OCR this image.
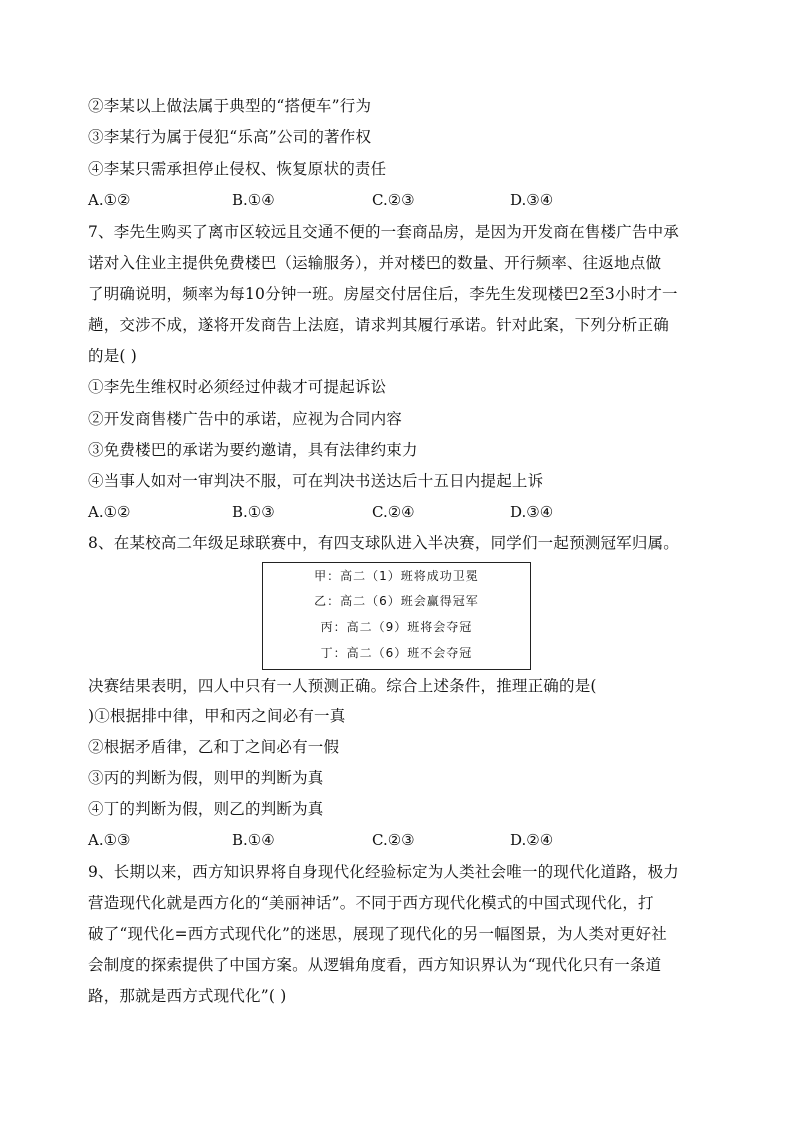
②李某以上做法属于典型的“搭便车”行为
③李某行为属于侵犯“乐高”公司的著作权
④李某只需承担停止侵权、恢复原状的责任
A.①②	B.①④	C.②③	D.③④
7、李先生购买了离市区较远且交通不便的一套商品房，是因为开发商在售楼广告中承
诺对入住业主提供免费楼巴（运输服务），并对楼巴的数量、开行频率、往返地点做
了明确说明，频率为每10分钟一班。房屋交付居住后，李先生发现楼巴2至3小时才一
趟，交涉不成，遂将开发商告上法庭，请求判其履行承诺。针对此案，下列分析正确
的是( )
①李先生维权时必须经过仲裁才可提起诉讼
②开发商售楼广告中的承诺，应视为合同内容
③免费楼巴的承诺为要约邀请，具有法律约束力
④当事人如对一审判决不服，可在判决书送达后十五日内提起上诉
A.①②	B.①③	C.②④	D.③④
8、在某校高二年级足球联赛中，有四支球队进入半决赛，同学们一起预测冠军归属。
甲：高二（1）班将成功卫冕
乙：高二（6）班会赢得冠军
丙：高二（9）班将会夺冠
丁：高二（6）班不会夺冠
决赛结果表明，四人中只有一人预测正确。综合上述条件，推理正确的是(
)①根据排中律，甲和丙之间必有一真
②根据矛盾律，乙和丁之间必有一假
③丙的判断为假，则甲的判断为真
④丁的判断为假，则乙的判断为真
A.①③	B.①④	C.②③	D.②④
9、长期以来，西方知识界将自身现代化经验标定为人类社会唯一的现代化道路，极力
营造现代化就是西方化的“美丽神话”。不同于西方现代化模式的中国式现代化，打
破了“现代化=西方式现代化”的迷思，展现了现代化的另一幅图景，为人类对更好社
会制度的探索提供了中国方案。从逻辑角度看，西方知识界认为“现代化只有一条道
路，那就是西方式现代化”( )
